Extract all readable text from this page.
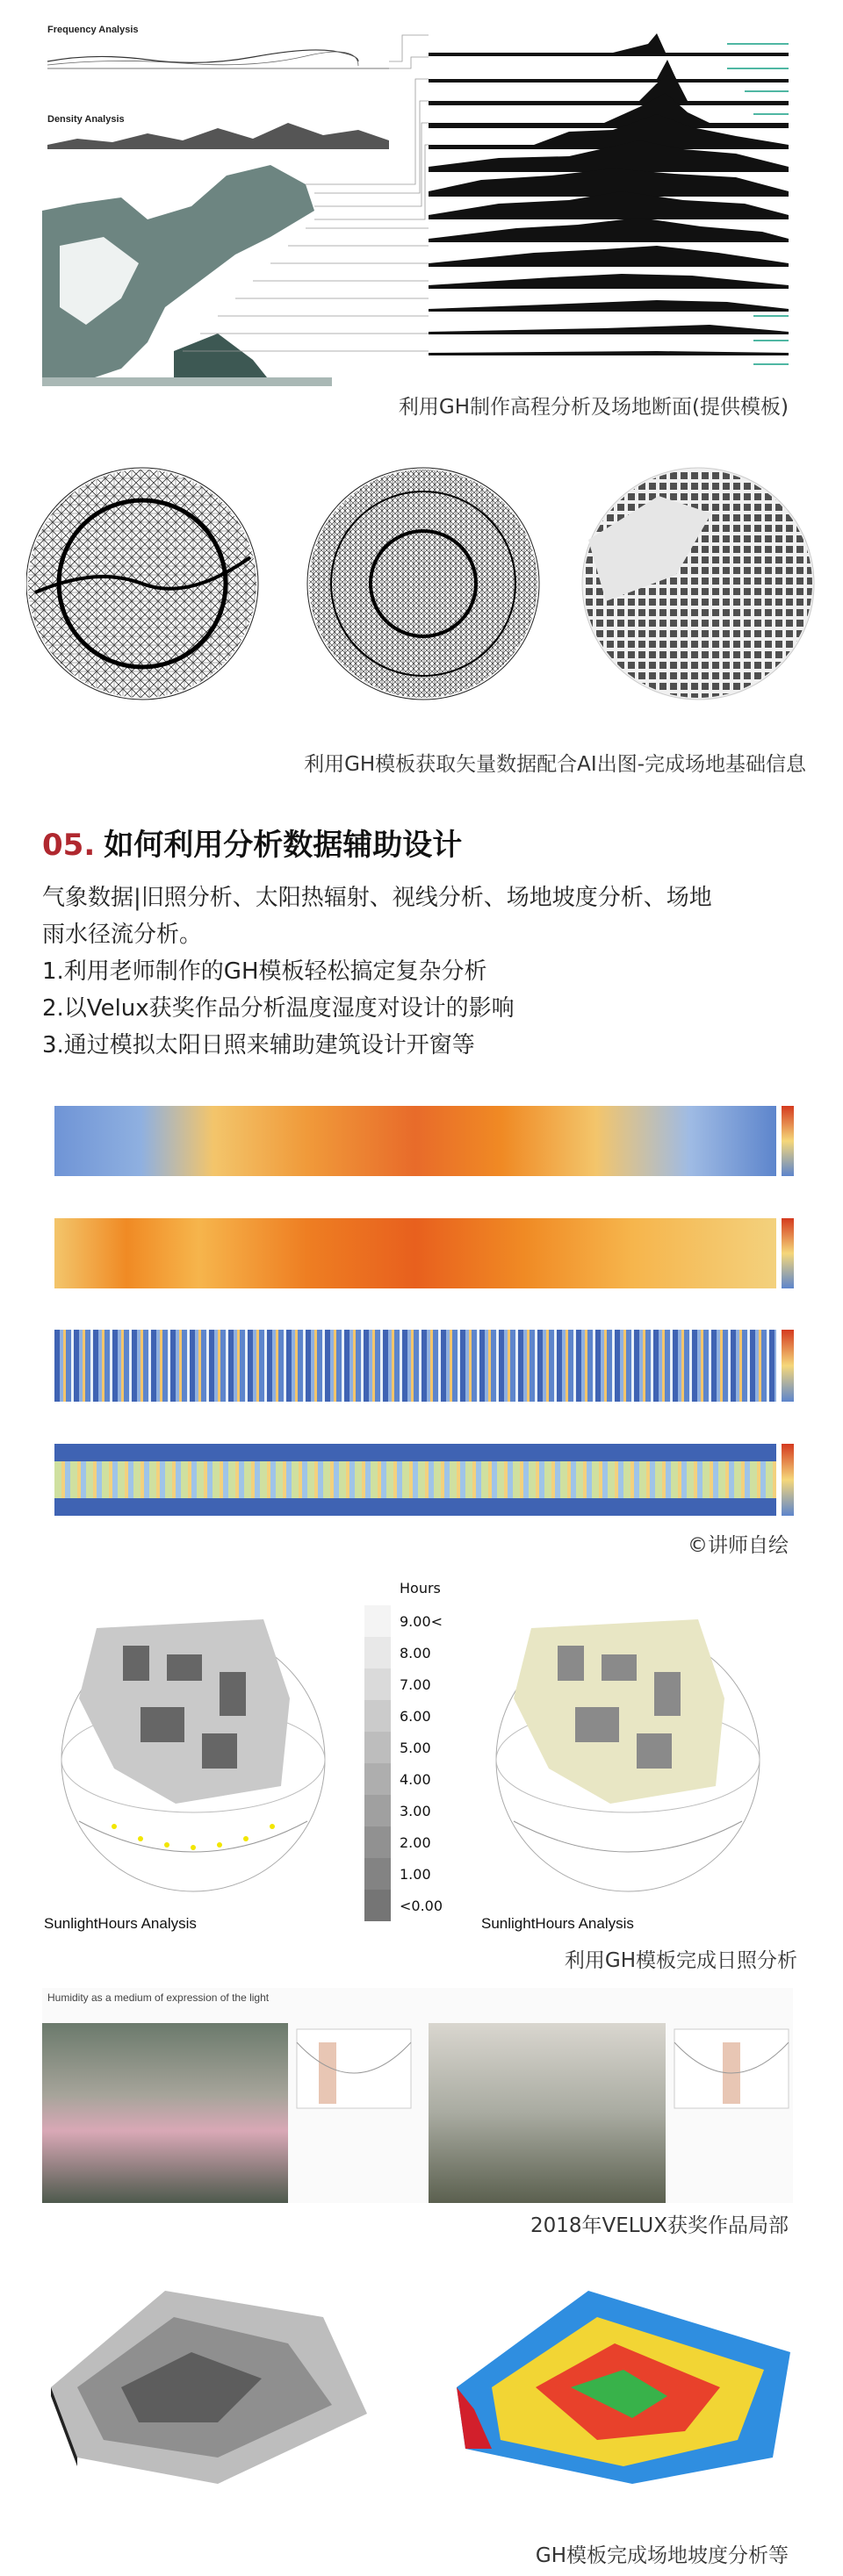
Frequency Analysis
Density Analysis
利用GH制作高程分析及场地断面(提供模板)
利用GH模板获取矢量数据配合AI出图-完成场地基础信息
05. 如何利用分析数据辅助设计
气象数据|旧照分析、太阳热辐射、视线分析、场地坡度分析、场地
雨水径流分析。
1.利用老师制作的GH模板轻松搞定复杂分析
2.以Velux获奖作品分析温度湿度对设计的影响
3.通过模拟太阳日照来辅助建筑设计开窗等
©讲师自绘
SunlightHours Analysis
Hours
9.00<
8.00
7.00
6.00
5.00
4.00
3.00
2.00
1.00
<0.00
SunlightHours Analysis
利用GH模板完成日照分析
Humidity as a medium of expression of the light
2018年VELUX获奖作品局部
GH模板完成场地坡度分析等
